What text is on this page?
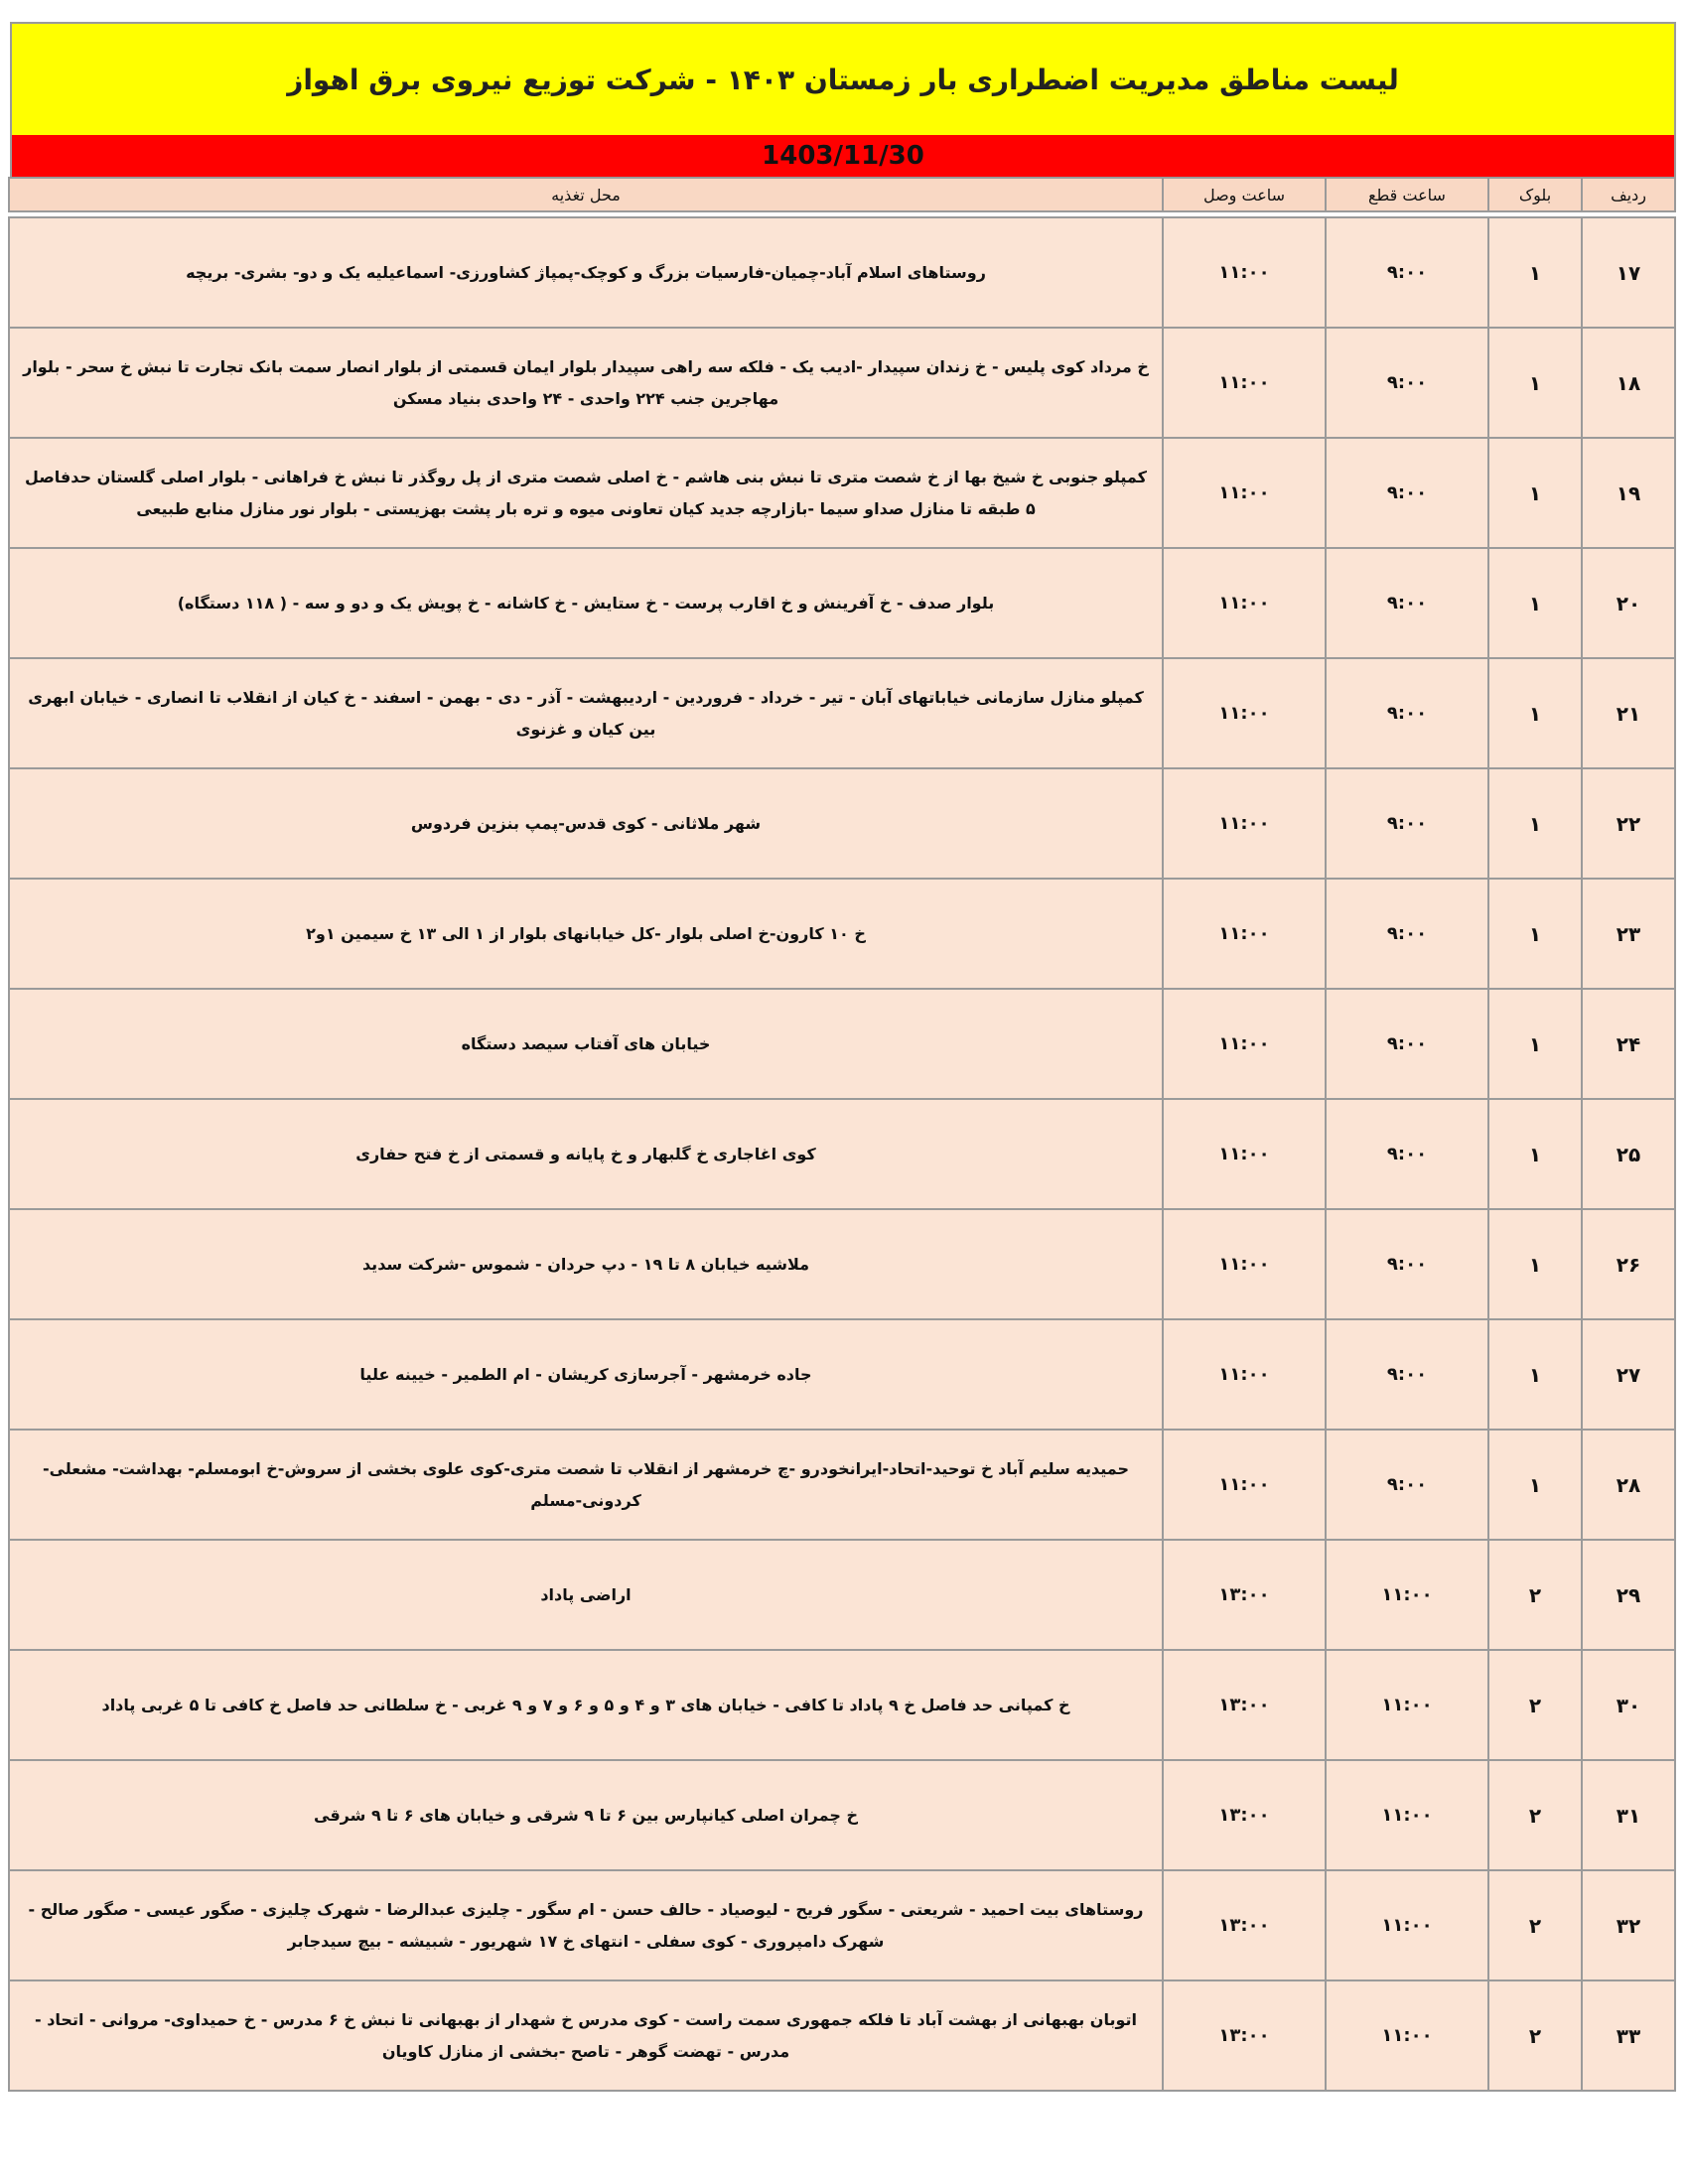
لیست مناطق مدیریت اضطراری بار زمستان ۱۴۰۳ - شرکت توزیع نیروی برق اهواز
1403/11/30
ردیف	بلوک	ساعت قطع	ساعت وصل	محل تغذیه

۱۷	۱	۹:۰۰	۱۱:۰۰	روستاهای اسلام آباد-چمیان-فارسیات بزرگ و کوچک-پمپاژ کشاورزی- اسماعیلیه یک و دو- بشری- بریچه
۱۸	۱	۹:۰۰	۱۱:۰۰	خ مرداد کوی پلیس - خ زندان سپیدار -ادیب یک - فلکه سه راهی سپیدار بلوار ایمان قسمتی از بلوار انصار سمت بانک تجارت تا نبش خ سحر - بلوار مهاجرین جنب ۲۲۴ واحدی - ۲۴ واحدی بنیاد مسکن
۱۹	۱	۹:۰۰	۱۱:۰۰	کمپلو جنوبی خ شیخ بها از خ شصت متری تا نبش بنی هاشم - خ اصلی شصت متری از پل روگذر تا نبش خ فراهانی - بلوار اصلی گلستان حدفاصل ۵ طبقه تا منازل صداو سیما -بازارچه جدید کیان تعاونی میوه و تره بار پشت بهزیستی - بلوار نور منازل منابع طبیعی
۲۰	۱	۹:۰۰	۱۱:۰۰	بلوار صدف - خ آفرینش و خ اقارب پرست - خ ستایش - خ کاشانه - خ پویش یک و دو و سه - ( ۱۱۸ دستگاه)
۲۱	۱	۹:۰۰	۱۱:۰۰	کمپلو منازل سازمانی خیاباتهای آبان - تیر - خرداد - فروردین - اردیبهشت - آذر - دی - بهمن - اسفند - خ کیان از انقلاب تا انصاری - خیابان ابهری بین کیان و غزنوی
۲۲	۱	۹:۰۰	۱۱:۰۰	شهر ملاثانی - کوی قدس-پمپ بنزین فردوس
۲۳	۱	۹:۰۰	۱۱:۰۰	خ ۱۰ کارون-خ اصلی بلوار -کل خیابانهای بلوار از ۱ الی ۱۳ خ سیمین ۱و۲
۲۴	۱	۹:۰۰	۱۱:۰۰	خیابان های آفتاب سیصد دستگاه
۲۵	۱	۹:۰۰	۱۱:۰۰	کوی اغاجاری خ گلبهار و خ پایانه و قسمتی از خ فتح حفاری
۲۶	۱	۹:۰۰	۱۱:۰۰	ملاشیه خیابان ۸ تا ۱۹ - دپ حردان - شموس -شرکت سدید
۲۷	۱	۹:۰۰	۱۱:۰۰	جاده خرمشهر - آجرسازی کریشان - ام الطمیر - خیینه علیا
۲۸	۱	۹:۰۰	۱۱:۰۰	حمیدیه سلیم آباد خ توحید-اتحاد-ایرانخودرو -چ خرمشهر از انقلاب تا شصت متری-کوی علوی بخشی از سروش-خ ابومسلم- بهداشت- مشعلی-کردونی-مسلم
۲۹	۲	۱۱:۰۰	۱۳:۰۰	اراضی پاداد
۳۰	۲	۱۱:۰۰	۱۳:۰۰	خ کمپانی حد فاصل خ ۹ پاداد تا کافی - خیابان های ۳ و ۴ و ۵ و ۶ و ۷ و ۹ غربی - خ سلطانی حد فاصل خ کافی تا ۵ غربی پاداد
۳۱	۲	۱۱:۰۰	۱۳:۰۰	خ چمران اصلی کیانپارس بین ۶ تا ۹ شرقی و خیابان های ۶ تا ۹ شرقی
۳۲	۲	۱۱:۰۰	۱۳:۰۰	روستاهای بیت احمید - شریعتی - سگور فریح - لیوصیاد - حالف حسن - ام سگور - چلیزی عبدالرضا - شهرک چلیزی - صگور عیسی - صگور صالح - شهرک دامپروری - کوی سفلی - انتهای خ ۱۷ شهریور - شبیشه - بیچ سیدجابر
۳۳	۲	۱۱:۰۰	۱۳:۰۰	اتوبان بهبهانی از بهشت آباد تا فلکه جمهوری سمت راست - کوی مدرس خ شهدار از بهبهانی تا نبش خ ۶ مدرس - خ حمیداوی- مروانی - اتحاد - مدرس - تهضت گوهر - تاصح -بخشی از منازل کاویان
